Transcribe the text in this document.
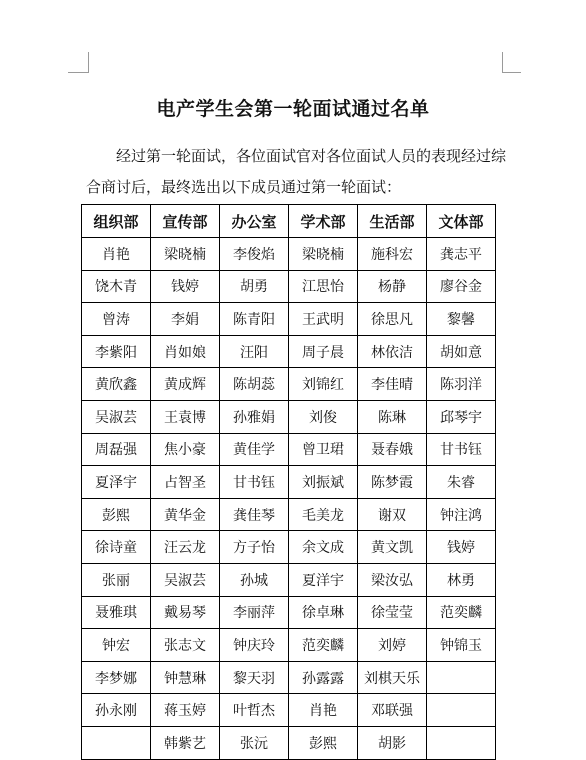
电产学生会第一轮面试通过名单
经过第一轮面试，各位面试官对各位面试人员的表现经过综合商讨后，最终选出以下成员通过第一轮面试：
组织部	宣传部	办公室	学术部	生活部	文体部
肖艳	梁晓楠	李俊焰	梁晓楠	施科宏	龚志平
饶木青	钱婷	胡勇	江思怡	杨静	廖谷金
曾涛	李娟	陈青阳	王武明	徐思凡	黎馨
李紫阳	肖如娘	汪阳	周子晨	林依洁	胡如意
黄欣鑫	黄成辉	陈胡蕊	刘锦红	李佳晴	陈羽洋
吴淑芸	王袁博	孙雅娟	刘俊	陈琳	邱琴宇
周磊强	焦小豪	黄佳学	曾卫珺	聂春娥	甘书钰
夏泽宇	占智圣	甘书钰	刘振斌	陈梦霞	朱睿
彭熙	黄华金	龚佳琴	毛美龙	谢双	钟注鸿
徐诗童	汪云龙	方子怡	余文成	黄文凯	钱婷
张丽	吴淑芸	孙城	夏洋宇	梁汝弘	林勇
聂雅琪	戴易琴	李丽萍	徐卓琳	徐莹莹	范奕麟
钟宏	张志文	钟庆玲	范奕麟	刘婷	钟锦玉
李梦娜	钟慧琳	黎天羽	孙露露	刘棋天乐	
孙永刚	蒋玉婷	叶哲杰	肖艳	邓联强	
	韩紫艺	张沅	彭熙	胡影	
